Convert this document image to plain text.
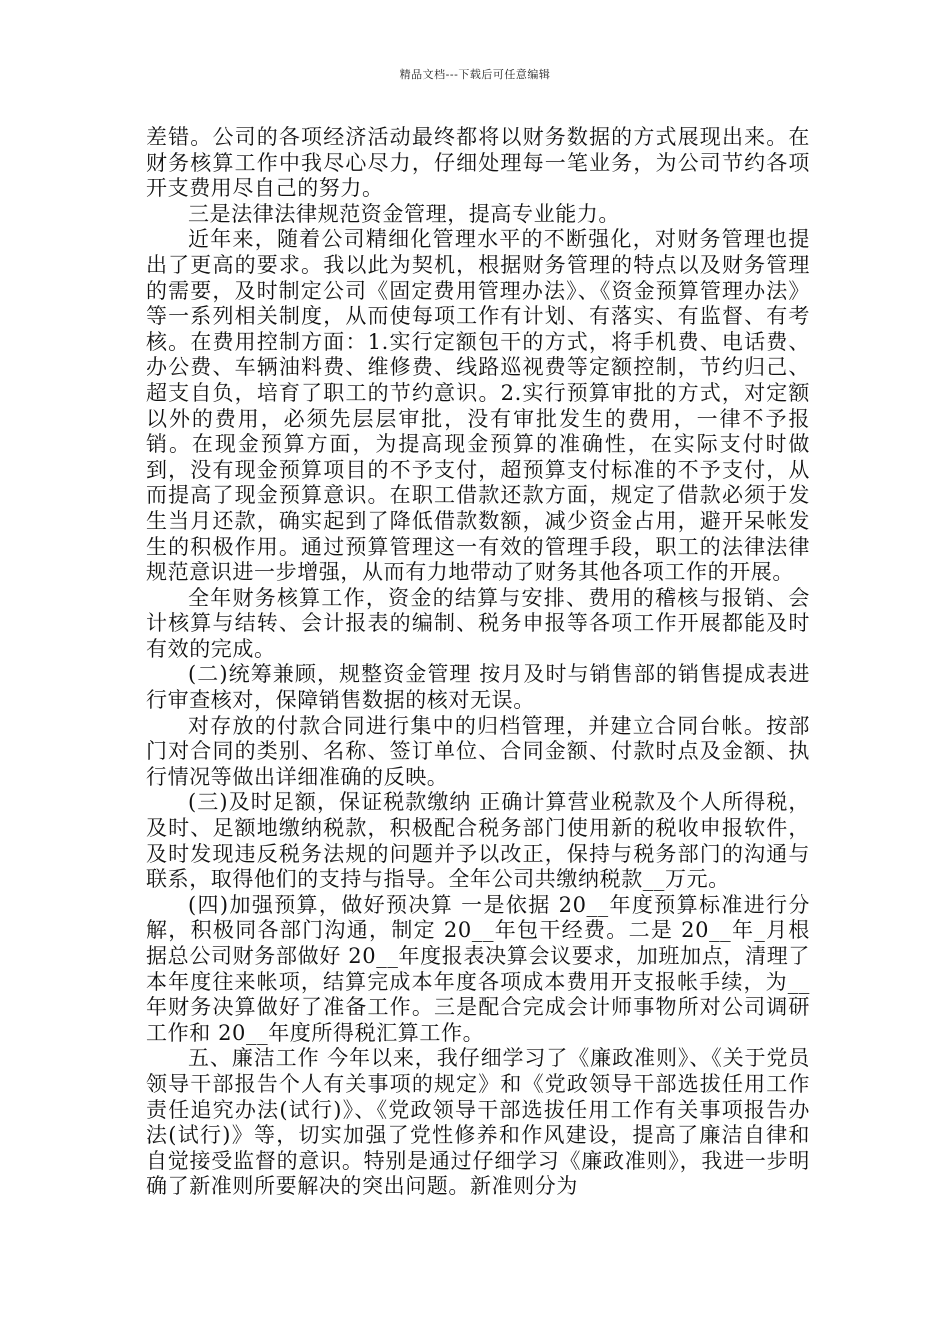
精品文档---下载后可任意编辑

差错。公司的各项经济活动最终都将以财务数据的方式展现出来。在财务核算工作中我尽心尽力，仔细处理每一笔业务，为公司节约各项开支费用尽自己的努力。

三是法律法律规范资金管理，提高专业能力。

近年来，随着公司精细化管理水平的不断强化，对财务管理也提出了更高的要求。我以此为契机，根据财务管理的特点以及财务管理的需要，及时制定公司《固定费用管理办法》、《资金预算管理办法》等一系列相关制度，从而使每项工作有计划、有落实、有监督、有考核。在费用控制方面：1.实行定额包干的方式，将手机费、电话费、办公费、车辆油料费、维修费、线路巡视费等定额控制，节约归己、超支自负，培育了职工的节约意识。2.实行预算审批的方式，对定额以外的费用，必须先层层审批，没有审批发生的费用，一律不予报销。在现金预算方面，为提高现金预算的准确性，在实际支付时做到，没有现金预算项目的不予支付，超预算支付标准的不予支付，从而提高了现金预算意识。在职工借款还款方面，规定了借款必须于发生当月还款，确实起到了降低借款数额，减少资金占用，避开呆帐发生的积极作用。通过预算管理这一有效的管理手段，职工的法律法律规范意识进一步增强，从而有力地带动了财务其他各项工作的开展。

全年财务核算工作，资金的结算与安排、费用的稽核与报销、会计核算与结转、会计报表的编制、税务申报等各项工作开展都能及时有效的完成。

(二)统筹兼顾，规整资金管理 按月及时与销售部的销售提成表进行审查核对，保障销售数据的核对无误。

对存放的付款合同进行集中的归档管理，并建立合同台帐。按部门对合同的类别、名称、签订单位、合同金额、付款时点及金额、执行情况等做出详细准确的反映。

(三)及时足额，保证税款缴纳 正确计算营业税款及个人所得税，及时、足额地缴纳税款，积极配合税务部门使用新的税收申报软件，及时发现违反税务法规的问题并予以改正，保持与税务部门的沟通与联系，取得他们的支持与指导。全年公司共缴纳税款__万元。

(四)加强预算，做好预决算 一是依据 20__年度预算标准进行分解，积极同各部门沟通，制定 20__年包干经费。二是 20__年_月根据总公司财务部做好 20__年度报表决算会议要求，加班加点，清理了本年度往来帐项，结算完成本年度各项成本费用开支报帐手续，为__年财务决算做好了准备工作。三是配合完成会计师事物所对公司调研工作和 20__年度所得税汇算工作。

五、廉洁工作 今年以来，我仔细学习了《廉政准则》、《关于党员领导干部报告个人有关事项的规定》和《党政领导干部选拔任用工作责任追究办法(试行)》、《党政领导干部选拔任用工作有关事项报告办法(试行)》等，切实加强了党性修养和作风建设，提高了廉洁自律和自觉接受监督的意识。特别是通过仔细学习《廉政准则》，我进一步明确了新准则所要解决的突出问题。新准则分为
